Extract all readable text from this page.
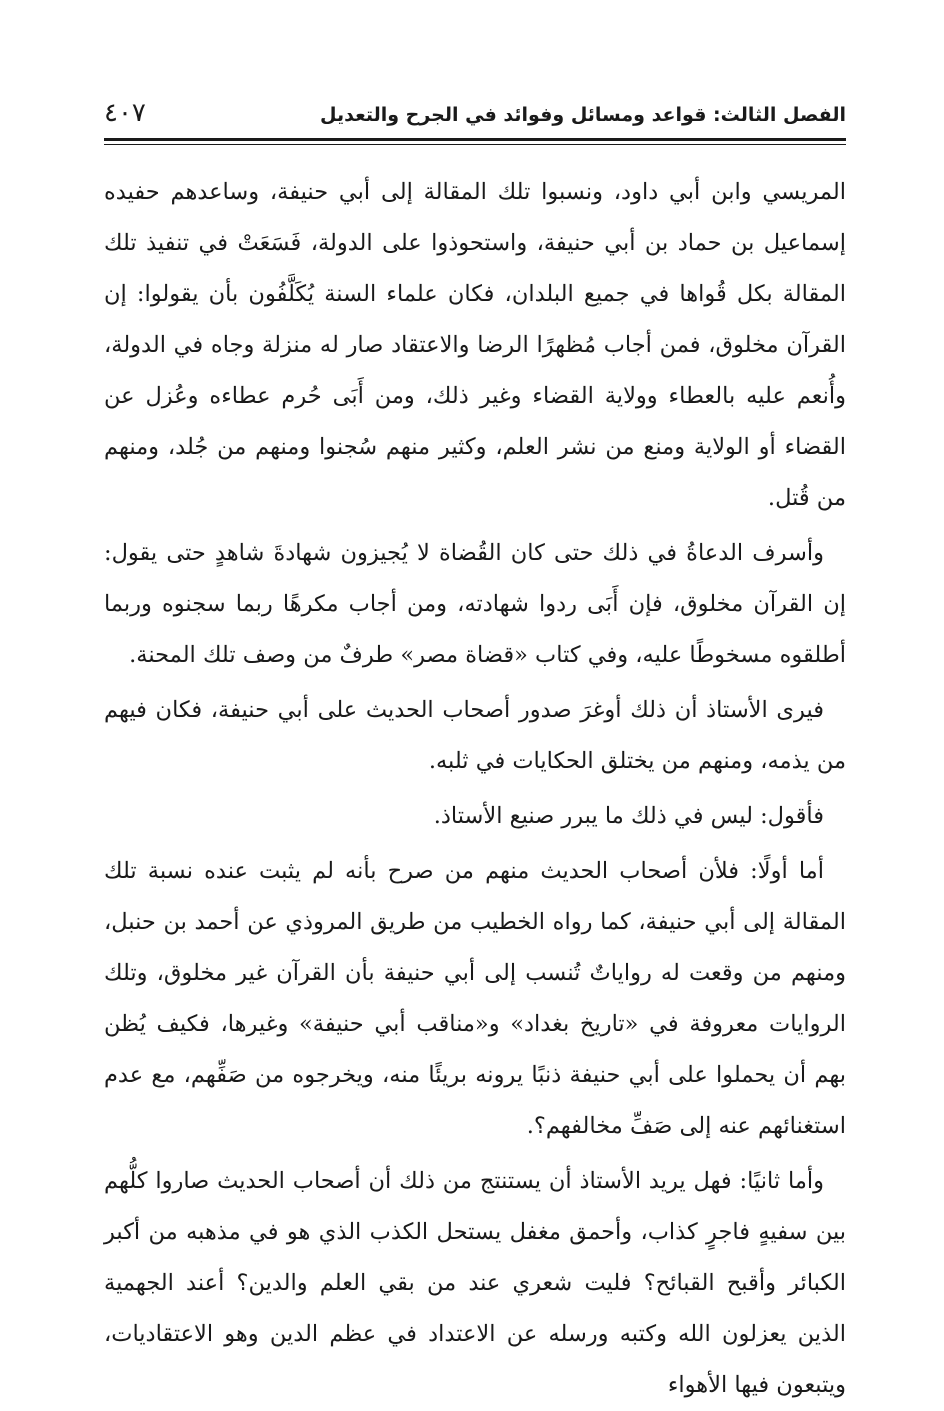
الفصل الثالث: قواعد ومسائل وفوائد في الجرح والتعديل
٤٠٧

المريسي وابن أبي داود، ونسبوا تلك المقالة إلى أبي حنيفة، وساعدهم حفيده إسماعيل بن حماد بن أبي حنيفة، واستحوذوا على الدولة، فَسَعَتْ في تنفيذ تلك المقالة بكل قُواها في جميع البلدان، فكان علماء السنة يُكَلَّفُون بأن يقولوا: إن القرآن مخلوق، فمن أجاب مُظهرًا الرضا والاعتقاد صار له منزلة وجاه في الدولة، وأُنعم عليه بالعطاء وولاية القضاء وغير ذلك، ومن أَبَى حُرم عطاءه وعُزل عن القضاء أو الولاية ومنع من نشر العلم، وكثير منهم سُجنوا ومنهم من جُلد، ومنهم من قُتل.

وأسرف الدعاةُ في ذلك حتى كان القُضاة لا يُجيزون شهادةَ شاهدٍ حتى يقول: إن القرآن مخلوق، فإن أَبَى ردوا شهادته، ومن أجاب مكرهًا ربما سجنوه وربما أطلقوه مسخوطًا عليه، وفي كتاب «قضاة مصر» طرفٌ من وصف تلك المحنة.

فيرى الأستاذ أن ذلك أوغرَ صدور أصحاب الحديث على أبي حنيفة، فكان فيهم من يذمه، ومنهم من يختلق الحكايات في ثلبه.

فأقول: ليس في ذلك ما يبرر صنيع الأستاذ.

أما أولًا: فلأن أصحاب الحديث منهم من صرح بأنه لم يثبت عنده نسبة تلك المقالة إلى أبي حنيفة، كما رواه الخطيب من طريق المروذي عن أحمد بن حنبل، ومنهم من وقعت له رواياتٌ تُنسب إلى أبي حنيفة بأن القرآن غير مخلوق، وتلك الروايات معروفة في «تاريخ بغداد» و«مناقب أبي حنيفة» وغيرها، فكيف يُظن بهم أن يحملوا على أبي حنيفة ذنبًا يرونه بريئًا منه، ويخرجوه من صَفِّهم، مع عدم استغنائهم عنه إلى صَفِّ مخالفهم؟.

وأما ثانيًا: فهل يريد الأستاذ أن يستنتج من ذلك أن أصحاب الحديث صاروا كلُّهم بين سفيهٍ فاجرٍ كذاب، وأحمق مغفل يستحل الكذب الذي هو في مذهبه من أكبر الكبائر وأقبح القبائح؟ فليت شعري عند من بقي العلم والدين؟ أعند الجهمية الذين يعزلون الله وكتبه ورسله عن الاعتداد في عظم الدين وهو الاعتقاديات، ويتبعون فيها الأهواء
